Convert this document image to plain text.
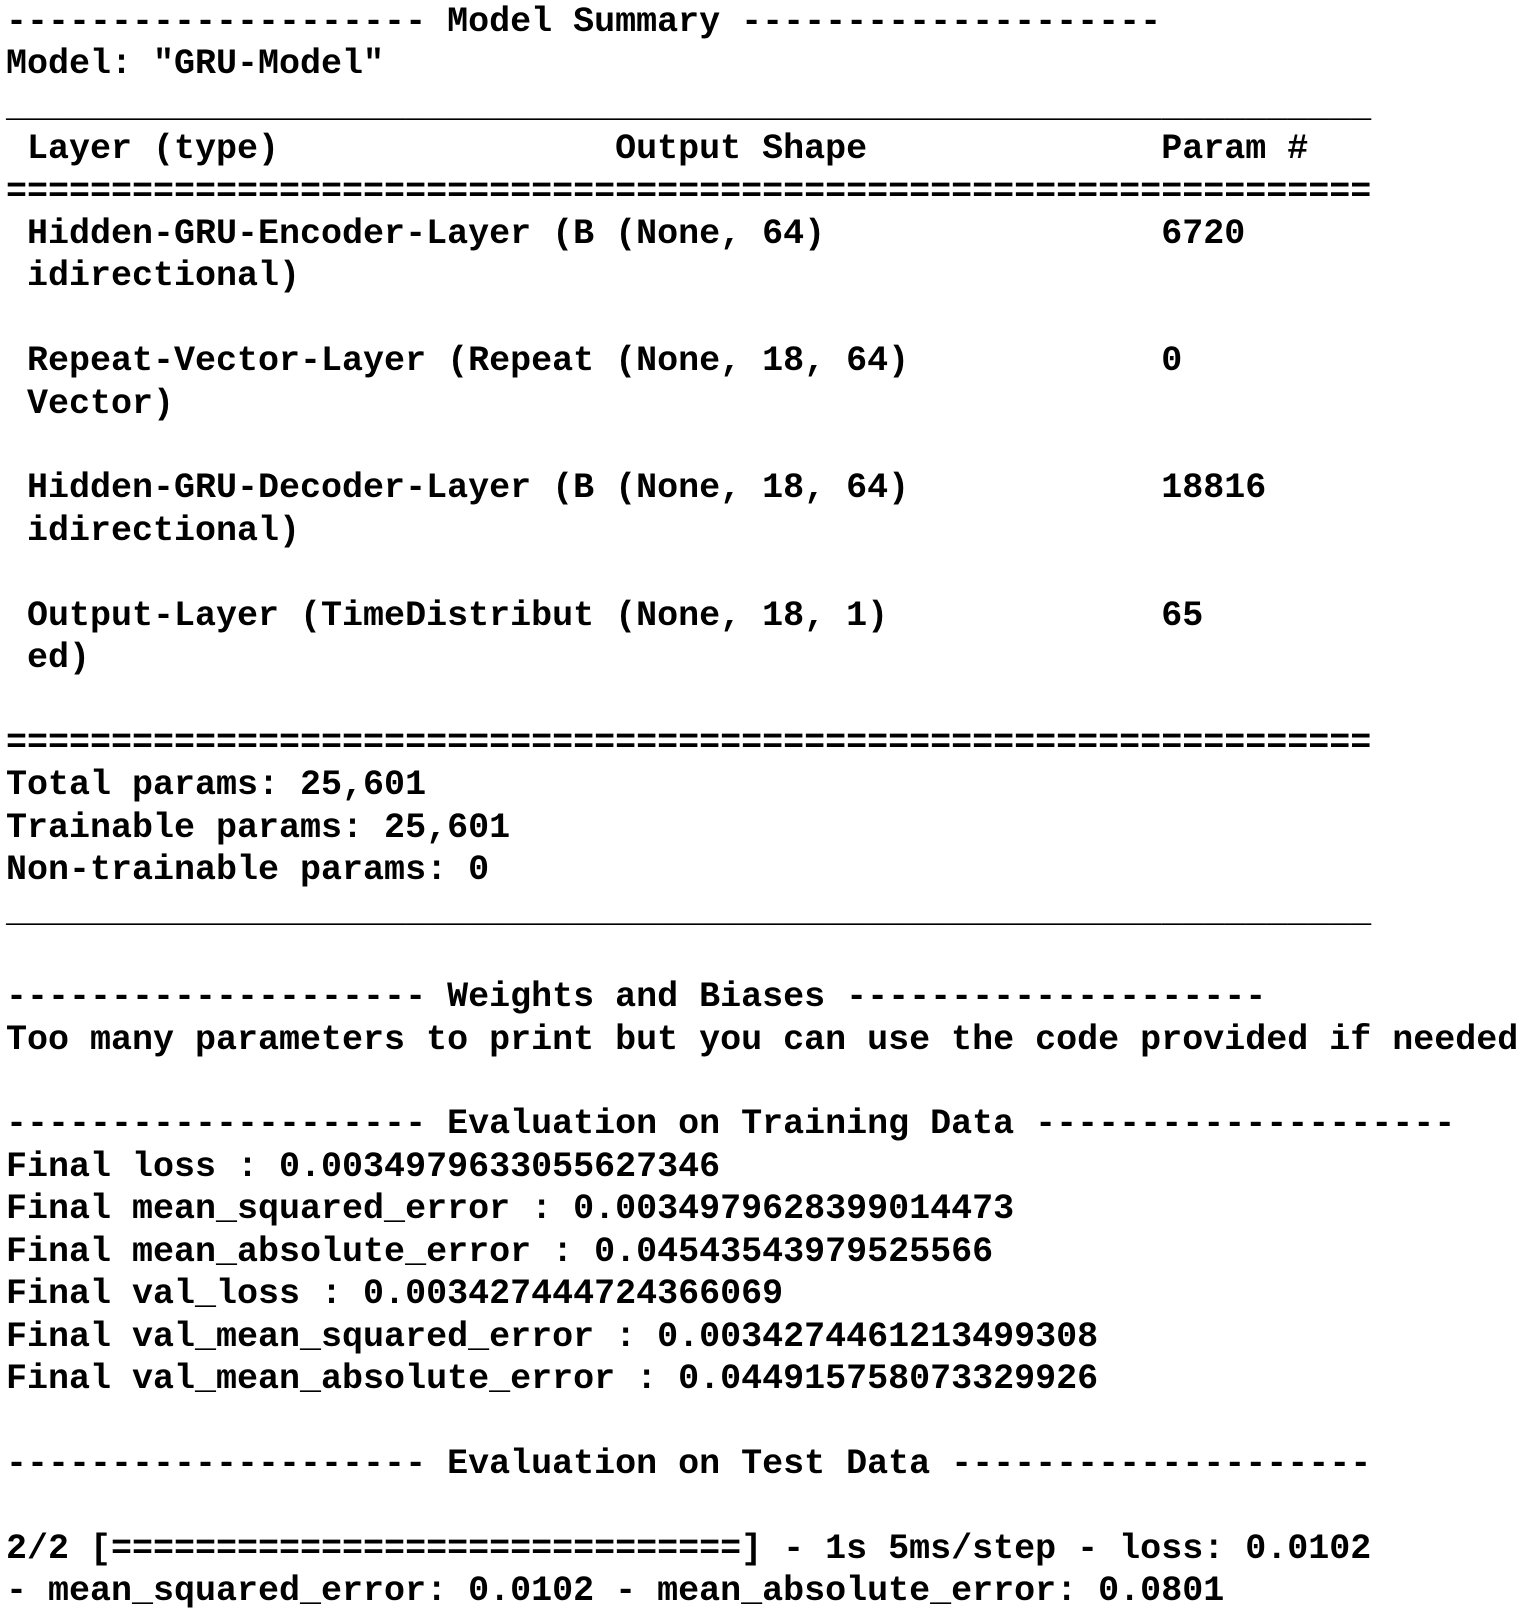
-------------------- Model Summary --------------------
Model: "GRU-Model"
_________________________________________________________________
Layer (type)                Output Shape              Param #
=================================================================
Hidden-GRU-Encoder-Layer (B (None, 64)                6720
idirectional)
Repeat-Vector-Layer (Repeat (None, 18, 64)            0
Vector)
Hidden-GRU-Decoder-Layer (B (None, 18, 64)            18816
idirectional)
Output-Layer (TimeDistribut (None, 18, 1)             65
ed)
=================================================================
Total params: 25,601
Trainable params: 25,601
Non-trainable params: 0
_________________________________________________________________
-------------------- Weights and Biases --------------------
Too many parameters to print but you can use the code provided if needed
-------------------- Evaluation on Training Data --------------------
Final loss : 0.0034979633055627346
Final mean_squared_error : 0.0034979628399014473
Final mean_absolute_error : 0.04543543979525566
Final val_loss : 0.003427444724366069
Final val_mean_squared_error : 0.0034274461213499308
Final val_mean_absolute_error : 0.044915758073329926
-------------------- Evaluation on Test Data --------------------
2/2 [==============================] - 1s 5ms/step - loss: 0.0102
- mean_squared_error: 0.0102 - mean_absolute_error: 0.0801
